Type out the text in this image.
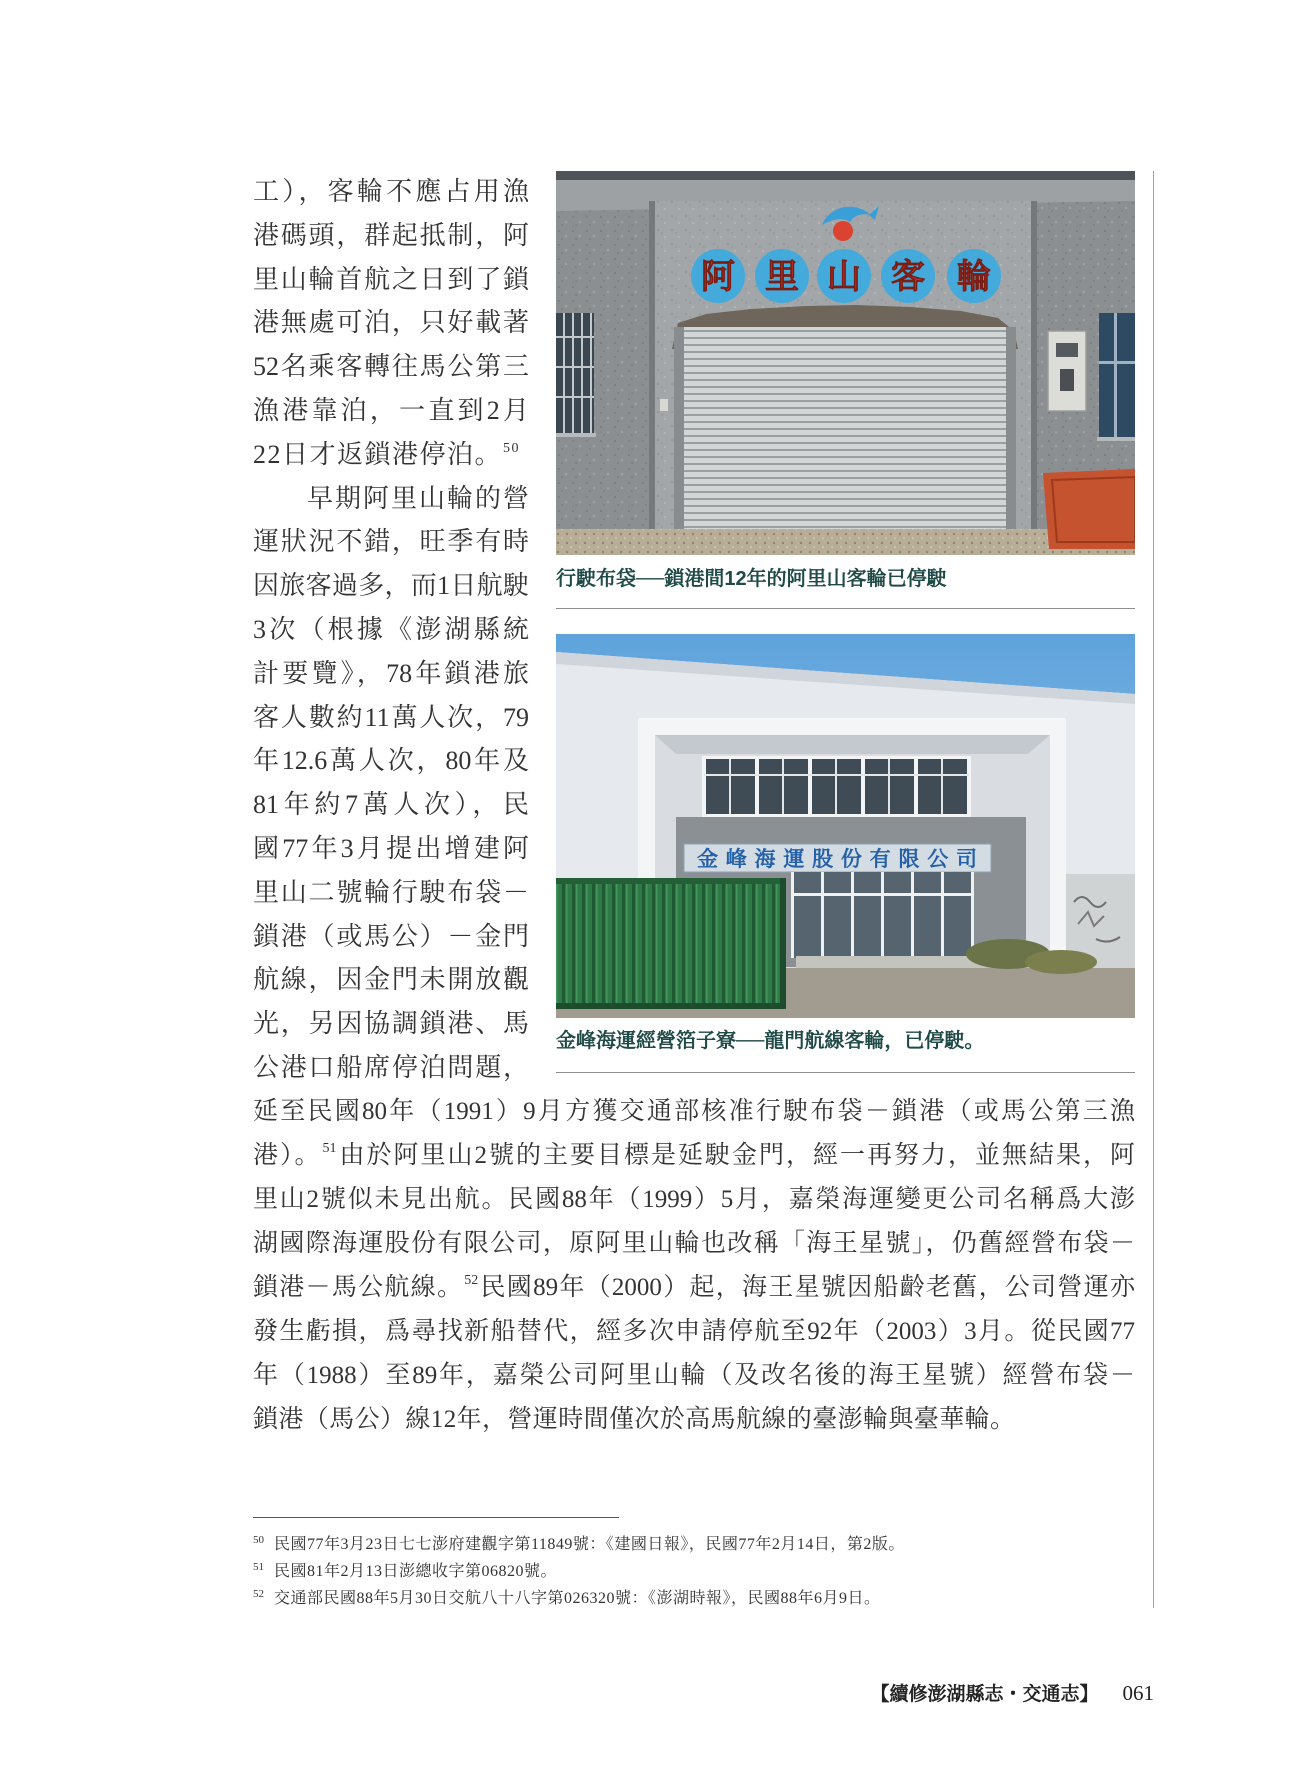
工），客輪不應占用漁
港碼頭，群起抵制，阿
里山輪首航之日到了鎖
港無處可泊，只好載著
52名乘客轉往馬公第三
漁港靠泊，一直到2月
22日才返鎖港停泊。$^{50}$
早期阿里山輪的營
運狀況不錯，旺季有時
因旅客過多，而1日航駛
3次（根據《澎湖縣統
計要覽》，78年鎖港旅
客人數約11萬人次，79
年12.6萬人次，80年及
81年約7萬人次），民
國77年3月提出增建阿
里山二號輪行駛布袋－
鎖港（或馬公）－金門
航線，因金門未開放觀
光，另因協調鎖港、馬
公港口船席停泊問題，
阿 里 山 客 輪
行駛布袋──鎖港間12年的阿里山客輪已停駛
金峰海運股份有限公司
金峰海運經營箔子寮──龍門航線客輪，已停駛。
延至民國80年（1991）9月方獲交通部核准行駛布袋－鎖港（或馬公第三漁
港）。$^{51}$由於阿里山2號的主要目標是延駛金門，經一再努力，並無結果，阿
里山2號似未見出航。民國88年（1999）5月，嘉榮海運變更公司名稱爲大澎
湖國際海運股份有限公司，原阿里山輪也改稱「海王星號」，仍舊經營布袋－
鎖港－馬公航線。$^{52}$民國89年（2000）起，海王星號因船齡老舊，公司營運亦
發生虧損，爲尋找新船替代，經多次申請停航至92年（2003）3月。從民國77
年（1988）至89年，嘉榮公司阿里山輪（及改名後的海王星號）經營布袋－
鎖港（馬公）線12年，營運時間僅次於高馬航線的臺澎輪與臺華輪。
50 民國77年3月23日七七澎府建觀字第11849號：《建國日報》，民國77年2月14日，第2版。
51 民國81年2月13日澎總收字第06820號。
52 交通部民國88年5月30日交航八十八字第026320號：《澎湖時報》，民國88年6月9日。
【續修澎湖縣志・交通志】 061
